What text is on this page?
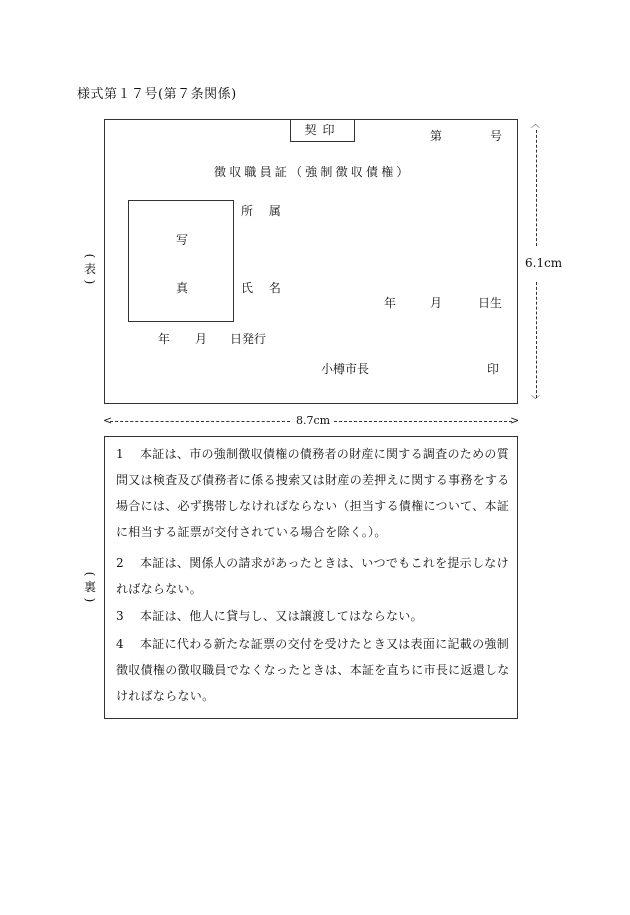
様式第１７号(第７条関係)
契印	第	号
徴収職員証（強制徴収債権）
写
真
所 属
氏 名
年	月	日生
年 月 日発行
小樽市長	印
(
表
)
︿
6.1cm
﹀
<	8.7cm	>
(
裏
)
1	本証は、市の強制徴収債権の債務者の財産に関する調査のための質問又は検査及び債務者に係る捜索又は財産の差押えに関する事務をする場合には、必ず携帯しなければならない（担当する債権について、本証に相当する証票が交付されている場合を除く。）。
2	本証は、関係人の請求があったときは、いつでもこれを提示しなければならない。
3	本証は、他人に貸与し、又は譲渡してはならない。
4	本証に代わる新たな証票の交付を受けたとき又は表面に記載の強制徴収債権の徴収職員でなくなったときは、本証を直ちに市長に返還しなければならない。
